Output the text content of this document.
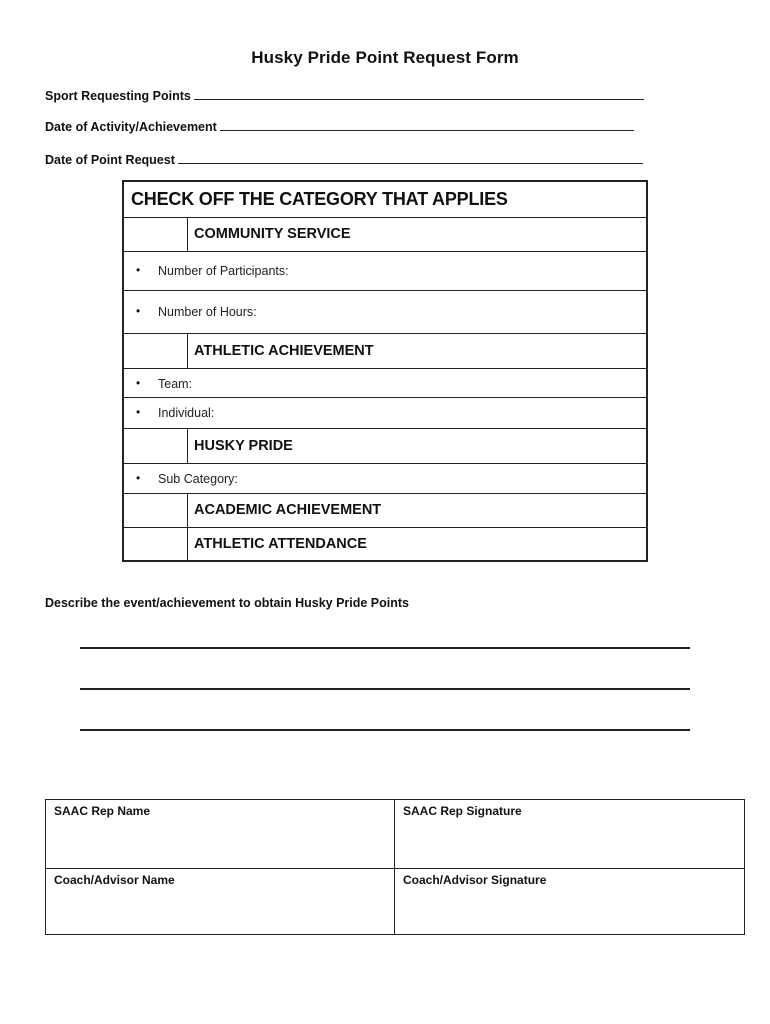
Husky Pride Point Request Form
Sport Requesting Points
Date of Activity/Achievement
Date of Point Request
CHECK OFF THE CATEGORY THAT APPLIES
COMMUNITY SERVICE
• Number of Participants:
• Number of Hours:
ATHLETIC ACHIEVEMENT
• Team:
• Individual:
HUSKY PRIDE
• Sub Category:
ACADEMIC ACHIEVEMENT
ATHLETIC ATTENDANCE
Describe the event/achievement to obtain Husky Pride Points
SAAC Rep Name	SAAC Rep Signature
Coach/Advisor Name	Coach/Advisor Signature
